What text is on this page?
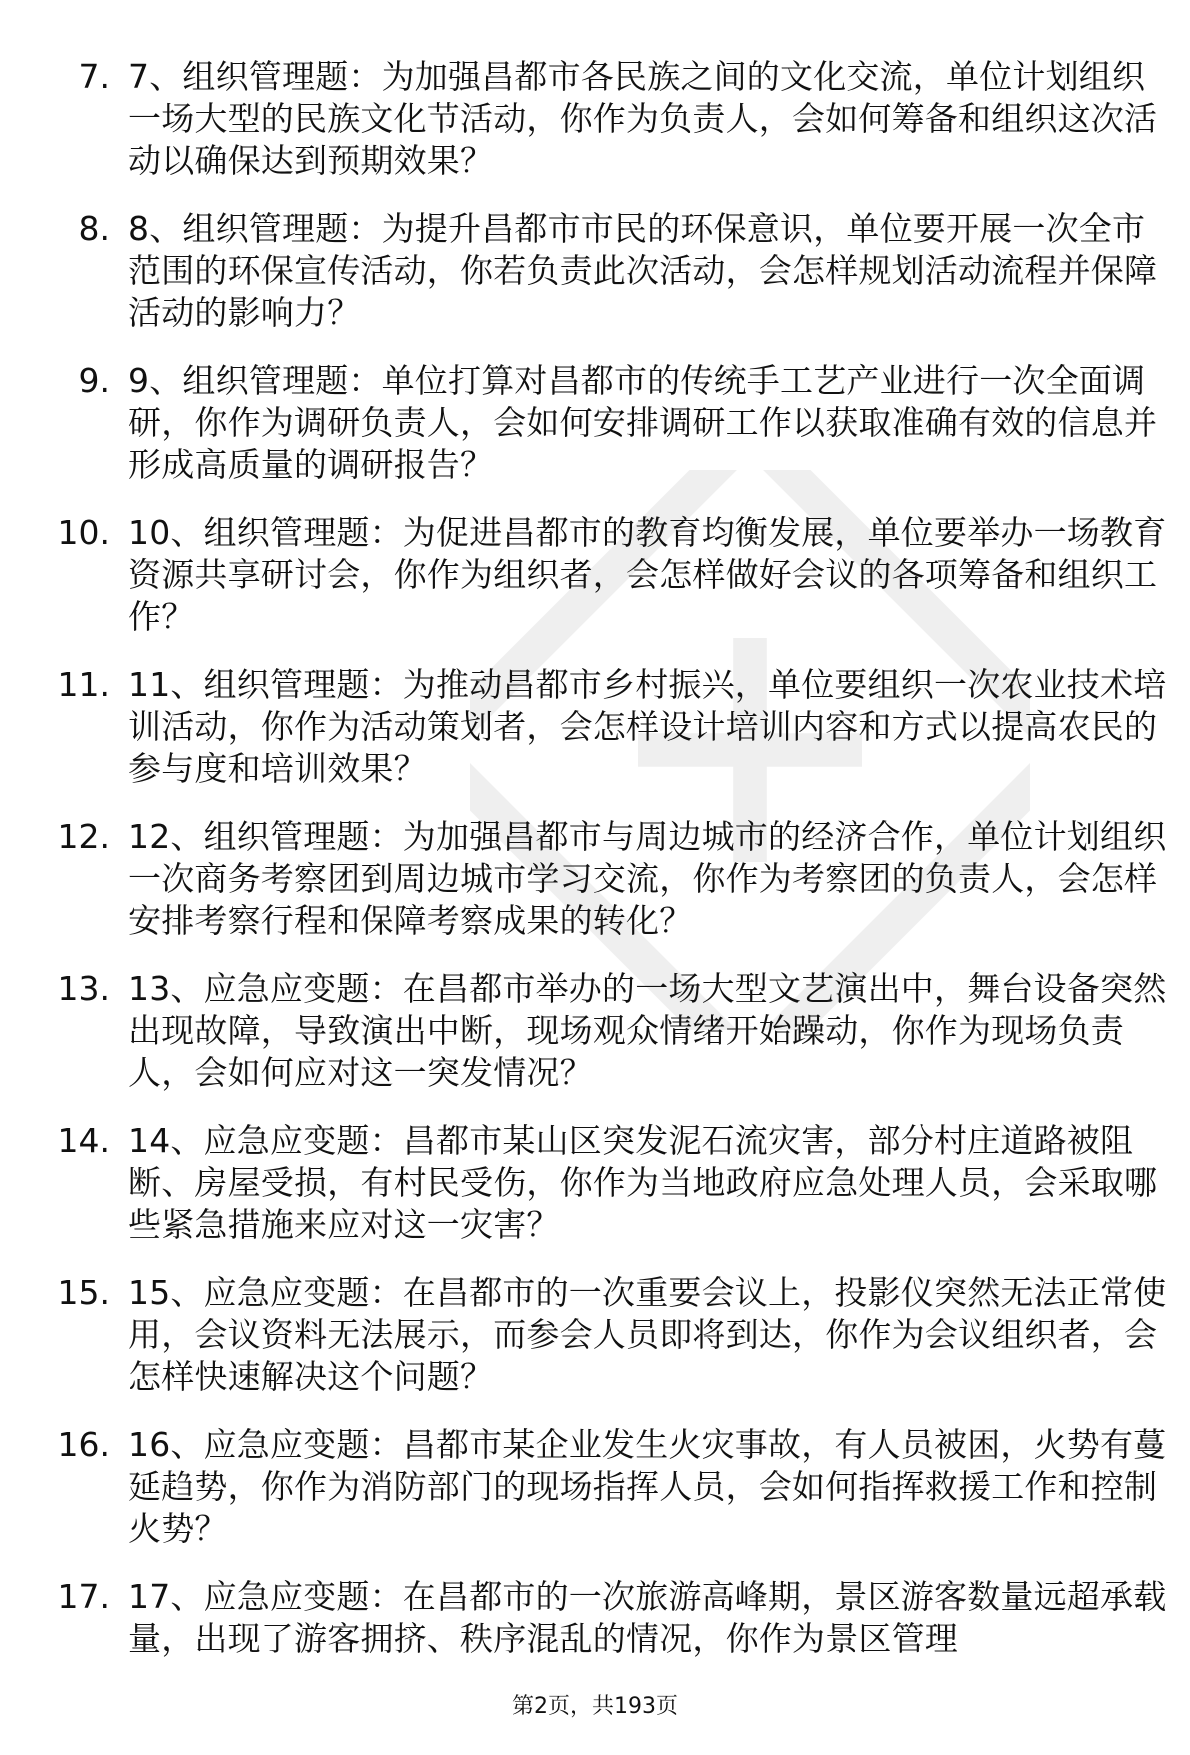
7. 7、组织管理题：为加强昌都市各民族之间的文化交流，单位计划组织一场大型的民族文化节活动，你作为负责人，会如何筹备和组织这次活动以确保达到预期效果？

8. 8、组织管理题：为提升昌都市市民的环保意识，单位要开展一次全市范围的环保宣传活动，你若负责此次活动，会怎样规划活动流程并保障活动的影响力？

9. 9、组织管理题：单位打算对昌都市的传统手工艺产业进行一次全面调研，你作为调研负责人，会如何安排调研工作以获取准确有效的信息并形成高质量的调研报告？

10. 10、组织管理题：为促进昌都市的教育均衡发展，单位要举办一场教育资源共享研讨会，你作为组织者，会怎样做好会议的各项筹备和组织工作？

11. 11、组织管理题：为推动昌都市乡村振兴，单位要组织一次农业技术培训活动，你作为活动策划者，会怎样设计培训内容和方式以提高农民的参与度和培训效果？

12. 12、组织管理题：为加强昌都市与周边城市的经济合作，单位计划组织一次商务考察团到周边城市学习交流，你作为考察团的负责人，会怎样安排考察行程和保障考察成果的转化？

13. 13、应急应变题：在昌都市举办的一场大型文艺演出中，舞台设备突然出现故障，导致演出中断，现场观众情绪开始躁动，你作为现场负责人，会如何应对这一突发情况？

14. 14、应急应变题：昌都市某山区突发泥石流灾害，部分村庄道路被阻断、房屋受损，有村民受伤，你作为当地政府应急处理人员，会采取哪些紧急措施来应对这一灾害？

15. 15、应急应变题：在昌都市的一次重要会议上，投影仪突然无法正常使用，会议资料无法展示，而参会人员即将到达，你作为会议组织者，会怎样快速解决这个问题？

16. 16、应急应变题：昌都市某企业发生火灾事故，有人员被困，火势有蔓延趋势，你作为消防部门的现场指挥人员，会如何指挥救援工作和控制火势？

17. 17、应急应变题：在昌都市的一次旅游高峰期，景区游客数量远超承载量，出现了游客拥挤、秩序混乱的情况，你作为景区管理

第2页，共193页
